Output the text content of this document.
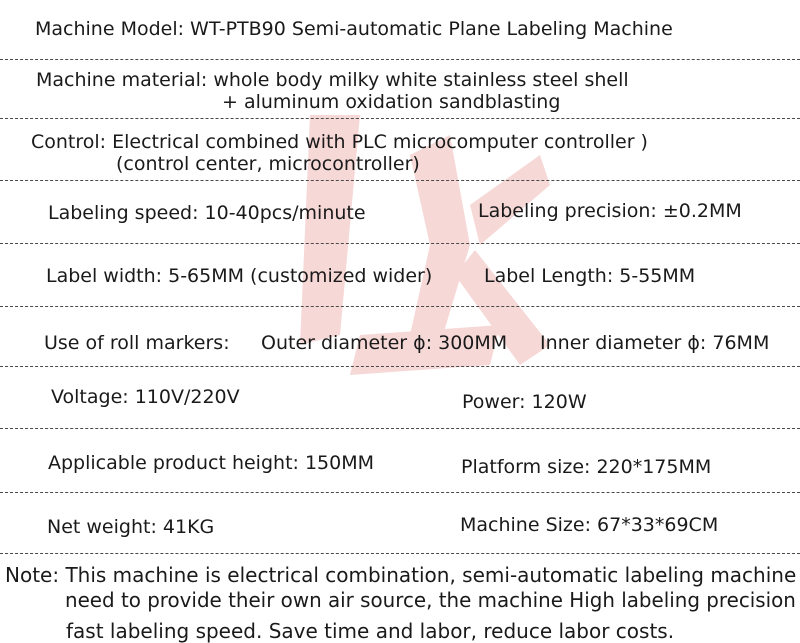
Machine Model: WT-PTB90 Semi-automatic Plane Labeling Machine
Machine material: whole body milky white stainless steel shell
+ aluminum oxidation sandblasting
Control: Electrical combined with PLC microcomputer controller )
(control center, microcontroller)
Labeling speed: 10-40pcs/minute	Labeling precision: ±0.2MM
Label width: 5-65MM (customized wider)	Label Length: 5-55MM
Use of roll markers: Outer diameter ϕ: 300MM Inner diameter ϕ: 76MM
Voltage: 110V/220V	Power: 120W
Applicable product height: 150MM	Platform size: 220*175MM
Net weight: 41KG	Machine Size: 67*33*69CM
Note: This machine is electrical combination, semi-automatic labeling machine
need to provide their own air source, the machine High labeling precision
fast labeling speed. Save time and labor, reduce labor costs.
